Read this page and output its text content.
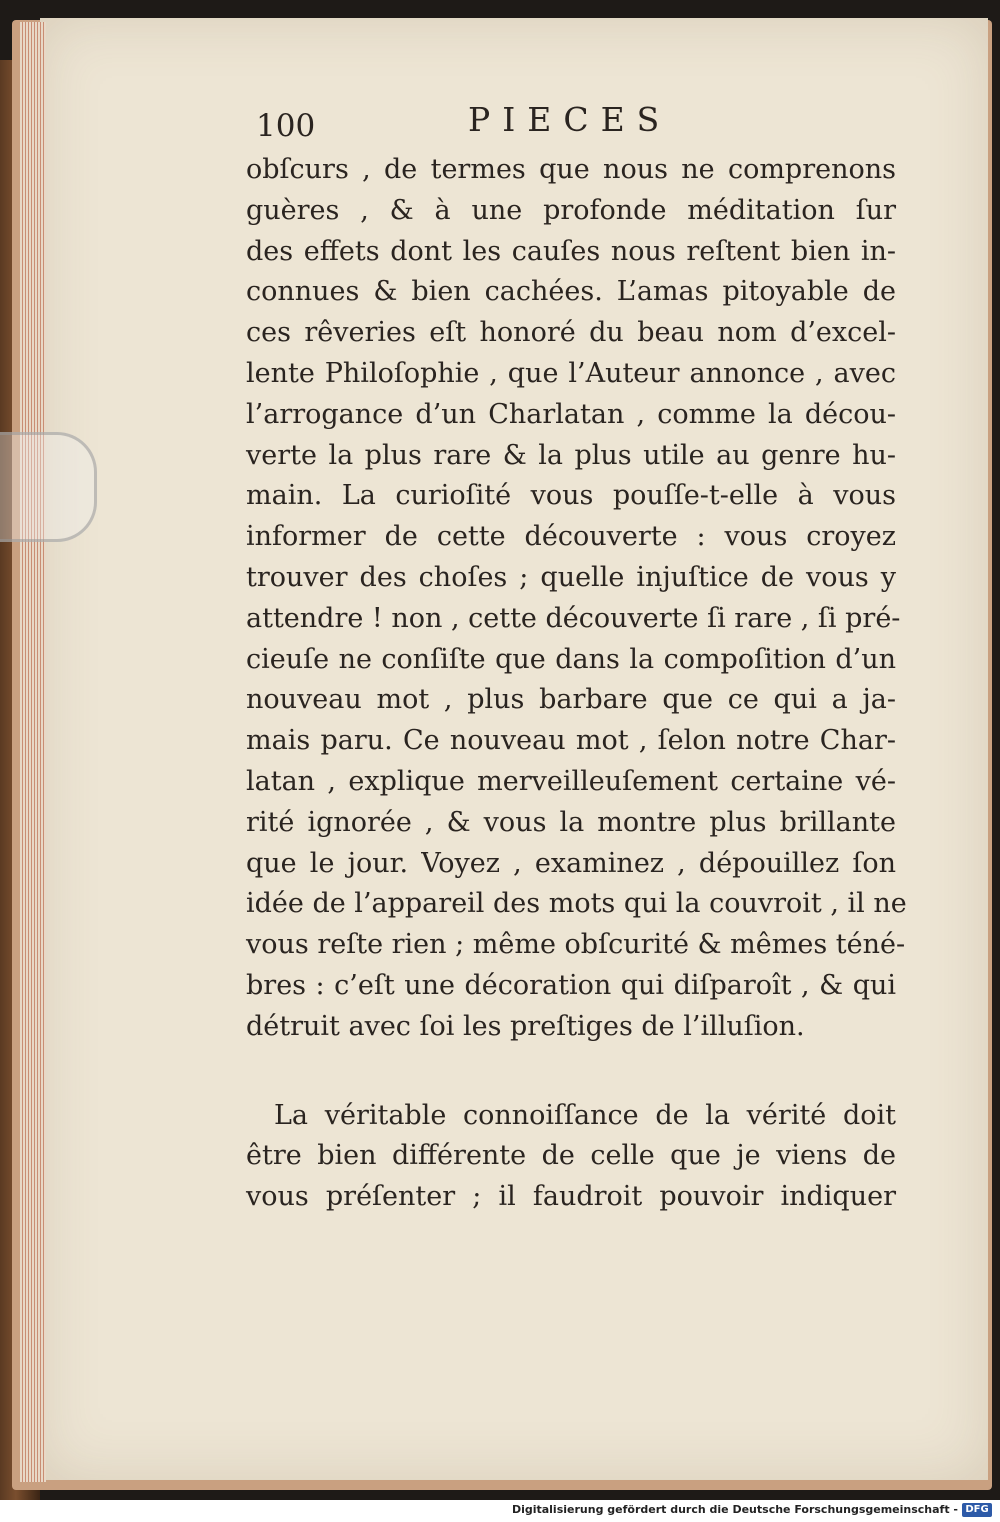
100	PIECES
obſcurs , de termes que nous ne comprenons
guères , & à une profonde méditation ſur
des effets dont les cauſes nous reſtent bien in-
connues & bien cachées. L’amas pitoyable de
ces rêveries eſt honoré du beau nom d’excel-
lente Philoſophie , que l’Auteur annonce , avec
l’arrogance d’un Charlatan , comme la décou-
verte la plus rare & la plus utile au genre hu-
main. La curioſité vous pouſſe-t-elle à vous
informer de cette découverte : vous croyez
trouver des choſes ; quelle injuſtice de vous y
attendre ! non , cette découverte ſi rare , ſi pré-
cieuſe ne conſiſte que dans la compoſition d’un
nouveau mot , plus barbare que ce qui a ja-
mais paru. Ce nouveau mot , ſelon notre Char-
latan , explique merveilleuſement certaine vé-
rité ignorée , & vous la montre plus brillante
que le jour. Voyez , examinez , dépouillez ſon
idée de l’appareil des mots qui la couvroit , il ne
vous reſte rien ; même obſcurité & mêmes téné-
bres : c’eſt une décoration qui diſparoît , & qui
détruit avec ſoi les preſtiges de l’illuſion.
La véritable connoiſſance de la vérité doit
être bien différente de celle que je viens de
vous préſenter ; il faudroit pouvoir indiquer
Digitalisierung gefördert durch die Deutsche Forschungsgemeinschaft - DFG
